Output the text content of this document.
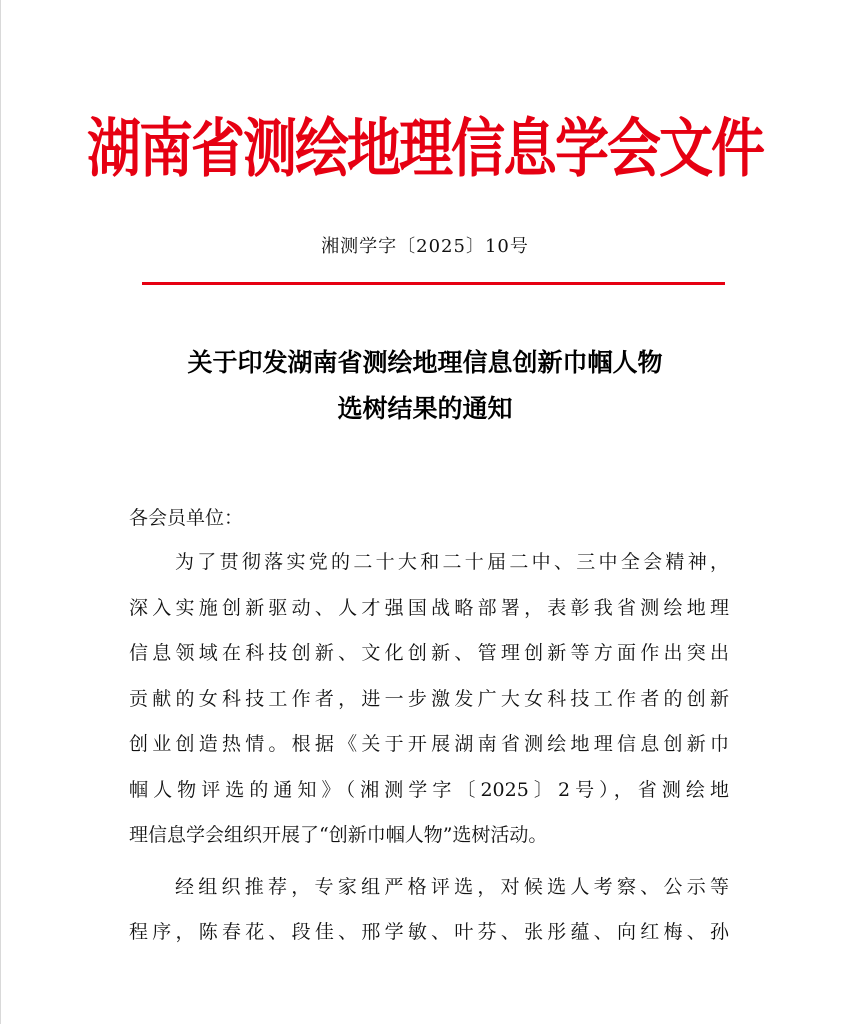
湖南省测绘地理信息学会文件
湘测学字〔2025〕10号
关于印发湖南省测绘地理信息创新巾帼人物
选树结果的通知
各会员单位：
为了贯彻落实党的二十大和二十届二中、三中全会精神，
深入实施创新驱动、人才强国战略部署，表彰我省测绘地理
信息领域在科技创新、文化创新、管理创新等方面作出突出
贡献的女科技工作者，进一步激发广大女科技工作者的创新
创业创造热情。根据《关于开展湖南省测绘地理信息创新巾
帼人物评选的通知》（湘测学字〔2025〕2号），省测绘地
理信息学会组织开展了“创新巾帼人物”选树活动。
经组织推荐，专家组严格评选，对候选人考察、公示等
程序，陈春花、段佳、邢学敏、叶芬、张彤蕴、向红梅、孙
